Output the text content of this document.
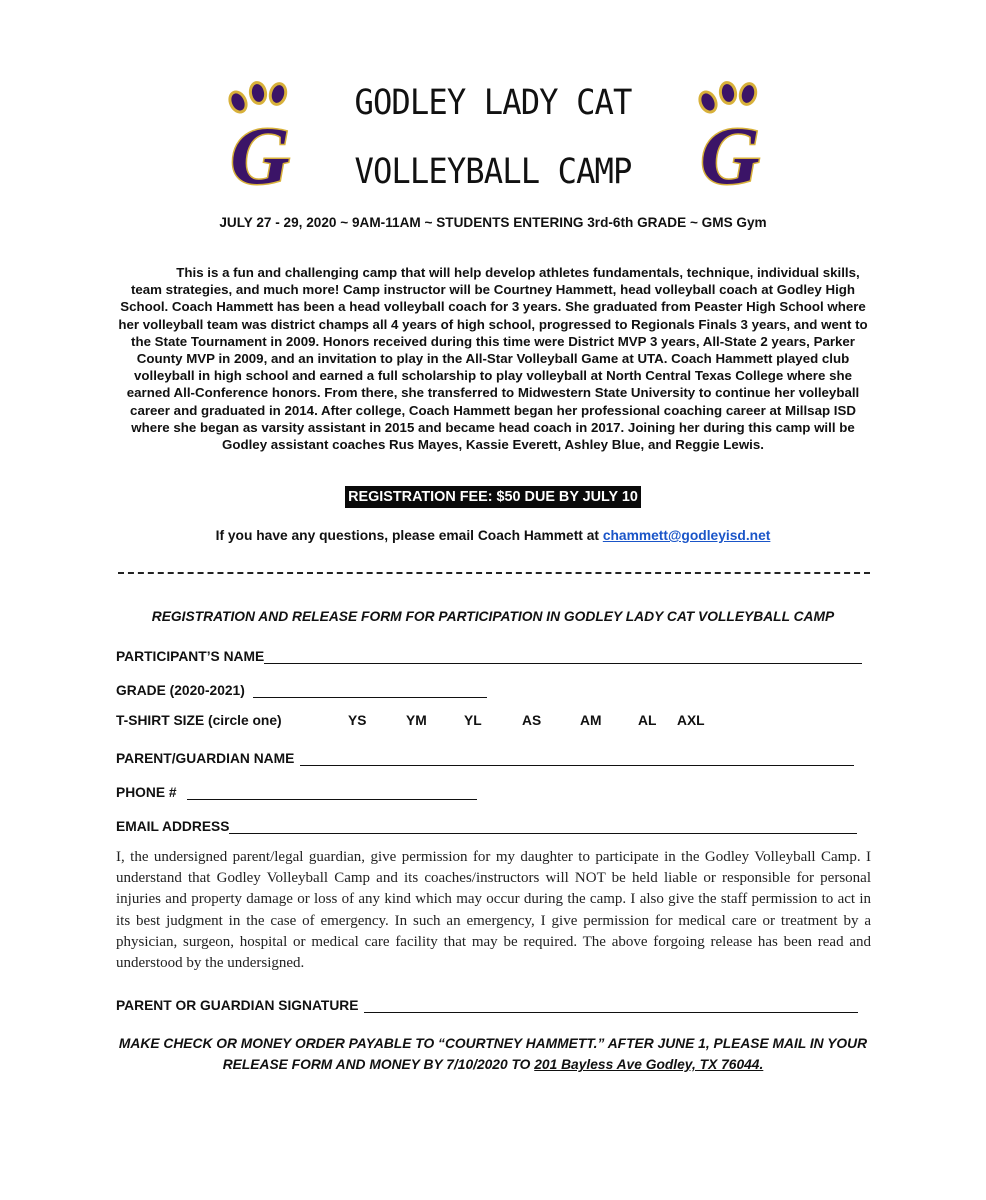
G
GODLEY LADY CAT
VOLLEYBALL CAMP G
JULY 27 - 29, 2020 ~ 9AM-11AM ~ STUDENTS ENTERING 3rd-6th GRADE ~ GMS Gym
This is a fun and challenging camp that will help develop athletes fundamentals, technique, individual skills, team strategies, and much more! Camp instructor will be Courtney Hammett, head volleyball coach at Godley High School. Coach Hammett has been a head volleyball coach for 3 years. She graduated from Peaster High School where her volleyball team was district champs all 4 years of high school, progressed to Regionals Finals 3 years, and went to the State Tournament in 2009. Honors received during this time were District MVP 3 years, All-State 2 years, Parker County MVP in 2009, and an invitation to play in the All-Star Volleyball Game at UTA. Coach Hammett played club volleyball in high school and earned a full scholarship to play volleyball at North Central Texas College where she earned All-Conference honors. From there, she transferred to Midwestern State University to continue her volleyball career and graduated in 2014. After college, Coach Hammett began her professional coaching career at Millsap ISD where she began as varsity assistant in 2015 and became head coach in 2017. Joining her during this camp will be Godley assistant coaches Rus Mayes, Kassie Everett, Ashley Blue, and Reggie Lewis.
REGISTRATION FEE: $50 DUE BY JULY 10
If you have any questions, please email Coach Hammett at chammett@godleyisd.net
REGISTRATION AND RELEASE FORM FOR PARTICIPATION IN GODLEY LADY CAT VOLLEYBALL CAMP
PARTICIPANT’S NAME
GRADE (2020-2021)
T-SHIRT SIZE (circle one)	YS	YM	YL	AS	AM	AL AXL
PARENT/GUARDIAN NAME
PHONE #
EMAIL ADDRESS
I, the undersigned parent/legal guardian, give permission for my daughter to participate in the Godley Volleyball Camp. I understand that Godley Volleyball Camp and its coaches/instructors will NOT be held liable or responsible for personal injuries and property damage or loss of any kind which may occur during the camp. I also give the staff permission to act in its best judgment in the case of emergency. In such an emergency, I give permission for medical care or treatment by a physician, surgeon, hospital or medical care facility that may be required. The above forgoing release has been read and understood by the undersigned.
PARENT OR GUARDIAN SIGNATURE
MAKE CHECK OR MONEY ORDER PAYABLE TO “COURTNEY HAMMETT.” AFTER JUNE 1, PLEASE MAIL IN YOUR RELEASE FORM AND MONEY BY 7/10/2020 TO 201 Bayless Ave Godley, TX 76044.
